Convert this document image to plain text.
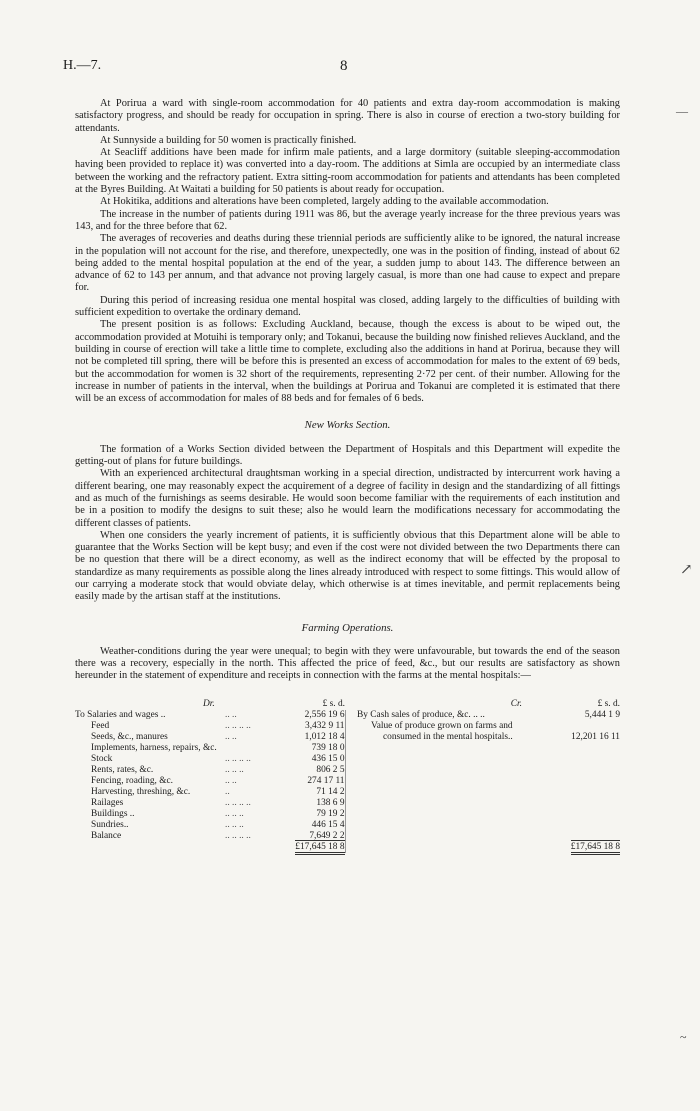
H.—7.	8

At Porirua a ward with single-room accommodation for 40 patients and extra day-room accommodation is making satisfactory progress, and should be ready for occupation in spring. There is also in course of erection a two-story building for attendants.

At Sunnyside a building for 50 women is practically finished.

At Seacliff additions have been made for infirm male patients, and a large dormitory (suitable sleeping-accommodation having been provided to replace it) was converted into a day-room. The additions at Simla are occupied by an intermediate class between the working and the refractory patient. Extra sitting-room accommodation for patients and attendants has been completed at the Byres Building. At Waitati a building for 50 patients is about ready for occupation.

At Hokitika, additions and alterations have been completed, largely adding to the available accommodation.

The increase in the number of patients during 1911 was 86, but the average yearly increase for the three previous years was 143, and for the three before that 62.

The averages of recoveries and deaths during these triennial periods are sufficiently alike to be ignored, the natural increase in the population will not account for the rise, and therefore, unexpectedly, one was in the position of finding, instead of about 62 being added to the mental hospital population at the end of the year, a sudden jump to about 143. The difference between an advance of 62 to 143 per annum, and that advance not proving largely casual, is more than one had cause to expect and prepare for.

During this period of increasing residua one mental hospital was closed, adding largely to the difficulties of building with sufficient expedition to overtake the ordinary demand.

The present position is as follows: Excluding Auckland, because, though the excess is about to be wiped out, the accommodation provided at Motuihi is temporary only; and Tokanui, because the building now finished relieves Auckland, and the building in course of erection will take a little time to complete, excluding also the additions in hand at Porirua, because they will not be completed till spring, there will be before this is presented an excess of accommodation for males to the extent of 69 beds, but the accommodation for women is 32 short of the requirements, representing 2·72 per cent. of their number. Allowing for the increase in number of patients in the interval, when the buildings at Porirua and Tokanui are completed it is estimated that there will be an excess of accommodation for males of 88 beds and for females of 6 beds.

New Works Section.

The formation of a Works Section divided between the Department of Hospitals and this Department will expedite the getting-out of plans for future buildings.

With an experienced architectural draughtsman working in a special direction, undistracted by intercurrent work having a different bearing, one may reasonably expect the acquirement of a degree of facility in design and the standardizing of all fittings and as much of the furnishings as seems desirable. He would soon become familiar with the requirements of each institution and be in a position to modify the designs to suit these; also he would learn the modifications necessary for accommodating the different classes of patients.

When one considers the yearly increment of patients, it is sufficiently obvious that this Department alone will be able to guarantee that the Works Section will be kept busy; and even if the cost were not divided between the two Departments there can be no question that there will be a direct economy, as well as the indirect economy that will be effected by the proposal to standardize as many requirements as possible along the lines already introduced with respect to some fittings. This would allow of our carrying a moderate stock that would obviate delay, which otherwise is at times inevitable, and permit replacements being easily made by the artisan staff at the institutions.

Farming Operations.

Weather-conditions during the year were unequal; to begin with they were unfavourable, but towards the end of the season there was a recovery, especially in the north. This affected the price of feed, &c., but our results are satisfactory as shown hereunder in the statement of expenditure and receipts in connection with the farms at the mental hospitals:—

Dr.		£ s. d.		Cr.	£ s. d.
To Salaries and wages ..	.. ..	2,556 19 6		By Cash sales of produce, &c. .. ..	5,444 1 9
Feed	.. .. .. ..	3,432 9 11		Value of produce grown on farms and	
Seeds, &c., manures	.. ..	1,012 18 4		consumed in the mental hospitals..	12,201 16 11
Implements, harness, repairs, &c.		739 18 0			
Stock	.. .. .. ..	436 15 0			
Rents, rates, &c.	.. .. ..	806 2 5			
Fencing, roading, &c.	.. ..	274 17 11			
Harvesting, threshing, &c.	..	71 14 2			
Railages	.. .. .. ..	138 6 9			
Buildings ..	.. .. ..	79 19 2			
Sundries..	.. .. ..	446 15 4			
Balance	.. .. .. ..	7,649 2 2			
		£17,645 18 8			£17,645 18 8
—
↗
~
